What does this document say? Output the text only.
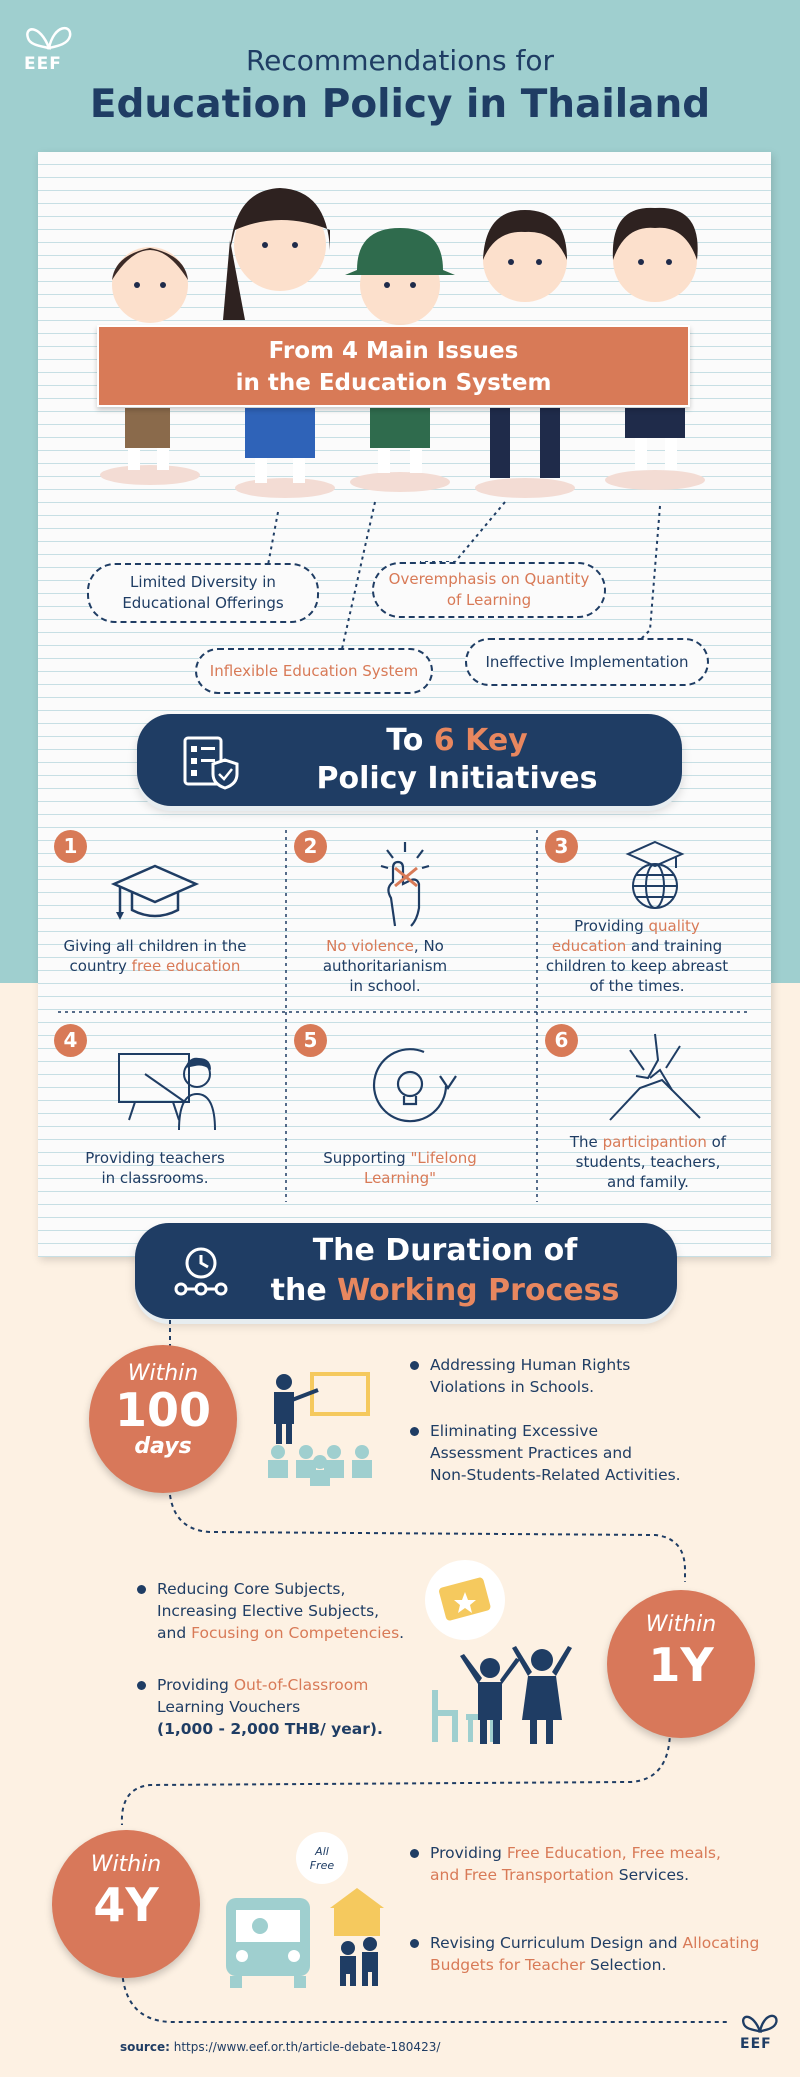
EEF	Recommendations for
Education Policy in Thailand
From 4 Main Issues
in the Education System
Limited Diversity in
Educational Offerings
Overemphasis on Quantity
of Learning
Inflexible Education System	Ineffective Implementation
To 6 Key
Policy Initiatives
1
Giving all children in the
country free education
2
No violence, No
authoritarianism
in school.
3
Providing quality
education and training
children to keep abreast
of the times.
4
Providing teachers
in classrooms.
5
Supporting "Lifelong
Learning"
6
The participantion of
students, teachers,
and family.
The Duration of
the Working Process
Within
100
days
Addressing Human Rights
Violations in Schools.
Eliminating Excessive
Assessment Practices and
Non-Students-Related Activities.
Reducing Core Subjects,
Increasing Elective Subjects,
and Focusing on Competencies.
Providing Out-of-Classroom
Learning Vouchers
(1,000 - 2,000 THB/ year).
Within
1Y
Within
4Y
All
Free
Providing Free Education, Free meals,
and Free Transportation Services.
Revising Curriculum Design and Allocating
Budgets for Teacher Selection.
EEF
source: https://www.eef.or.th/article-debate-180423/
